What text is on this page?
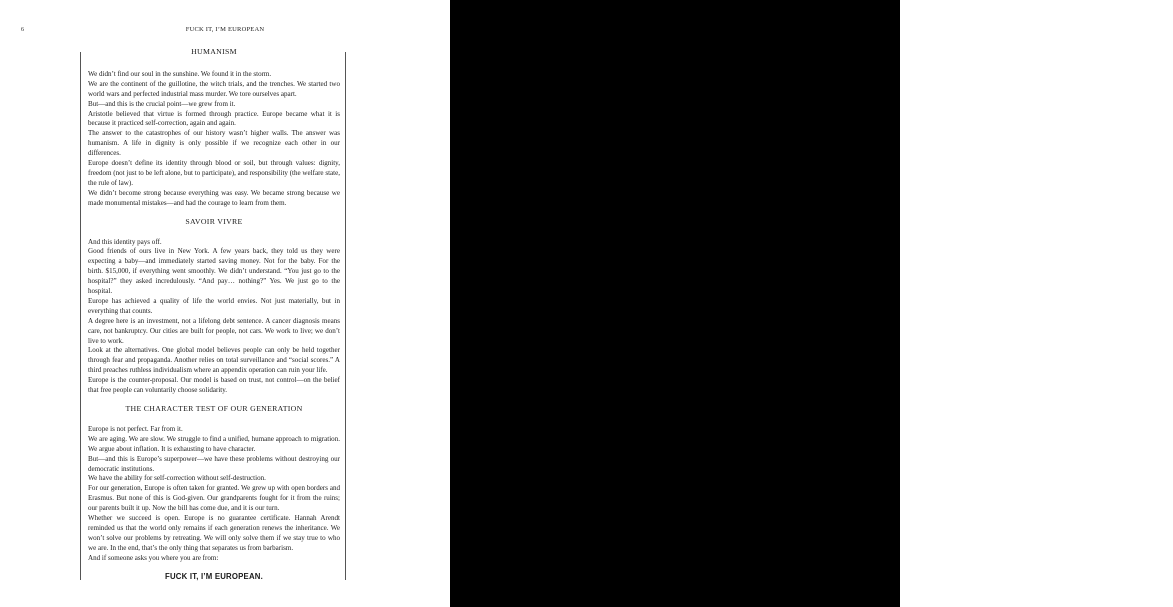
6	FUCK IT, I’M EUROPEAN
HUMANISM

We didn’t find our soul in the sunshine. We found it in the storm.

We are the continent of the guillotine, the witch trials, and the trenches. We started two world wars and perfected industrial mass murder. We tore ourselves apart.

But—and this is the crucial point—we grew from it.

Aristotle believed that virtue is formed through practice. Europe became what it is because it practiced self-correction, again and again.

The answer to the catastrophes of our history wasn’t higher walls. The answer was humanism. A life in dignity is only possible if we recognize each other in our differences.

Europe doesn’t define its identity through blood or soil, but through values: dignity, freedom (not just to be left alone, but to participate), and responsibility (the welfare state, the rule of law).

We didn’t become strong because everything was easy. We became strong because we made monumental mistakes—and had the courage to learn from them.

SAVOIR VIVRE

And this identity pays off.

Good friends of ours live in New York. A few years back, they told us they were expecting a baby—and immediately started saving money. Not for the baby. For the birth. $15,000, if everything went smoothly. We didn’t understand. “You just go to the hospital?” they asked incredulously. “And pay… nothing?” Yes. We just go to the hospital.

Europe has achieved a quality of life the world envies. Not just materially, but in everything that counts.

A degree here is an investment, not a lifelong debt sentence. A cancer diagnosis means care, not bankruptcy. Our cities are built for people, not cars. We work to live; we don’t live to work.

Look at the alternatives. One global model believes people can only be held together through fear and propaganda. Another relies on total surveillance and “social scores.” A third preaches ruthless individualism where an appendix operation can ruin your life.

Europe is the counter-proposal. Our model is based on trust, not control—on the belief that free people can voluntarily choose solidarity.

THE CHARACTER TEST OF OUR GENERATION

Europe is not perfect. Far from it.

We are aging. We are slow. We struggle to find a unified, humane approach to migration. We argue about inflation. It is exhausting to have character.

But—and this is Europe’s superpower—we have these problems without destroying our democratic institutions.

We have the ability for self-correction without self-destruction.

For our generation, Europe is often taken for granted. We grew up with open borders and Erasmus. But none of this is God-given. Our grandparents fought for it from the ruins; our parents built it up. Now the bill has come due, and it is our turn.

Whether we succeed is open. Europe is no guarantee certificate. Hannah Arendt reminded us that the world only remains if each generation renews the inheritance. We won’t solve our problems by retreating. We will only solve them if we stay true to who we are. In the end, that’s the only thing that separates us from barbarism.

And if someone asks you where you are from:

FUCK IT, I’M EUROPEAN.
1
Unity in
Diversity
